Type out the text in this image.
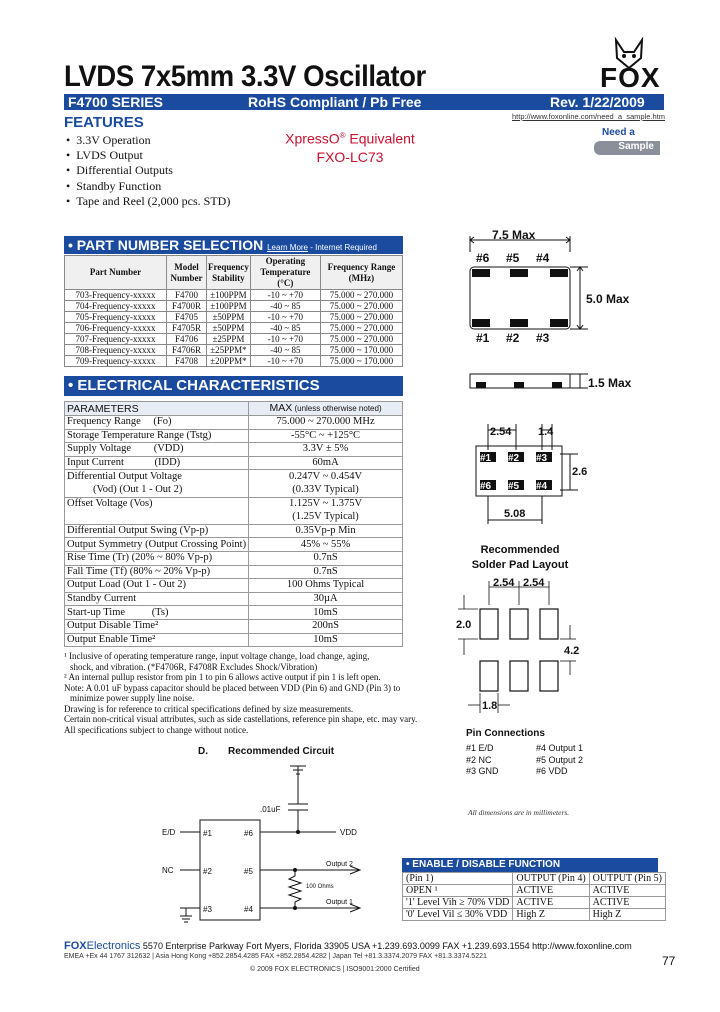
LVDS 7x5mm 3.3V Oscillator	FOX
F4700 SERIES	RoHS Compliant / Pb Free	Rev. 1/22/2009
http://www.foxonline.com/need_a_sample.htm
Need a
Sample
FEATURES
• 3.3V Operation
• LVDS Output
• Differential Outputs
• Standby Function
• Tape and Reel (2,000 pcs. STD)
XpressO® Equivalent
FXO-LC73
• PART NUMBER SELECTION Learn More - Internet Required
Part Number	Model Number	Frequency Stability	Operating Temperature (°C)	Frequency Range (MHz)
703-Frequency-xxxxx	F4700	±100PPM	-10 ~ +70	75.000 ~ 270.000
704-Frequency-xxxxx	F4700R	±100PPM	-40 ~ 85	75.000 ~ 270.000
705-Frequency-xxxxx	F4705	±50PPM	-10 ~ +70	75.000 ~ 270.000
706-Frequency-xxxxx	F4705R	±50PPM	-40 ~ 85	75.000 ~ 270.000
707-Frequency-xxxxx	F4706	±25PPM	-10 ~ +70	75.000 ~ 270.000
708-Frequency-xxxxx	F4706R	±25PPM*	-40 ~ 85	75.000 ~ 170.000
709-Frequency-xxxxx	F4708	±20PPM*	-10 ~ +70	75.000 ~ 170.000
• ELECTRICAL CHARACTERISTICS
PARAMETERS	MAX (unless otherwise noted)
Frequency Range (Fo)	75.000 ~ 270.000 MHz
Storage Temperature Range (Tstg)	-55°C ~ +125°C
Supply Voltage (VDD)	3.3V ± 5%
Input Current (IDD)	60mA
Differential Output Voltage	0.247V ~ 0.454V
(Vod) (Out 1 - Out 2)	(0.33V Typical)
Offset Voltage (Vos)	1.125V ~ 1.375V
	(1.25V Typical)
Differential Output Swing (Vp-p)	0.35Vp-p Min
Output Symmetry (Output Crossing Point)	45% ~ 55%
Rise Time (Tr) (20% ~ 80% Vp-p)	0.7nS
Fall Time (Tf) (80% ~ 20% Vp-p)	0.7nS
Output Load (Out 1 - Out 2)	100 Ohms Typical
Standby Current	30µA
Start-up Time (Ts)	10mS
Output Disable Time²	200nS
Output Enable Time²	10mS
¹ Inclusive of operating temperature range, input voltage change, load change, aging,
shock, and vibration. (*F4706R, F4708R Excludes Shock/Vibration)
² An internal pullup resistor from pin 1 to pin 6 allows active output if pin 1 is left open.
Note: A 0.01 uF bypass capacitor should be placed between VDD (Pin 6) and GND (Pin 3) to
minimize power supply line noise.
Drawing is for reference to critical specifications defined by size measurements.
Certain non-critical visual attributes, such as side castellations, reference pin shape, etc. may vary.
All specifications subject to change without notice.
D. Recommended Circuit
.01uF
VDD
E/D
NC
#1
#2
#3
#6
#5
#4
Output 2
Output 1
100 Ohms
7.5 Max
5.0 Max
1.5 Max
#6 #5 #4
#1 #2 #3
#1 #2 #3
#6 #5 #4
2.54 1.4
2.6
5.08
Recommended
Solder Pad Layout
2.54 2.54
2.0
4.2
1.8
Pin Connections
#1 E/D	#4 Output 1
#2 NC	#5 Output 2
#3 GND	#6 VDD
All dimensions are in millimeters.
• ENABLE / DISABLE FUNCTION
(Pin 1)	OUTPUT (Pin 4)	OUTPUT (Pin 5)
OPEN ¹	ACTIVE	ACTIVE
'1' Level Vih ≥ 70% VDD	ACTIVE	ACTIVE
'0' Level Vil ≤ 30% VDD	High Z	High Z
FOXElectronics 5570 Enterprise Parkway Fort Myers, Florida 33905 USA +1.239.693.0099 FAX +1.239.693.1554 http://www.foxonline.com
EMEA +Ex 44 1767 312632 | Asia Hong Kong +852.2854.4285 FAX +852.2854.4282 | Japan Tel +81.3.3374.2079 FAX +81.3.3374.5221
© 2009 FOX ELECTRONICS | ISO9001:2000 Certified
77
